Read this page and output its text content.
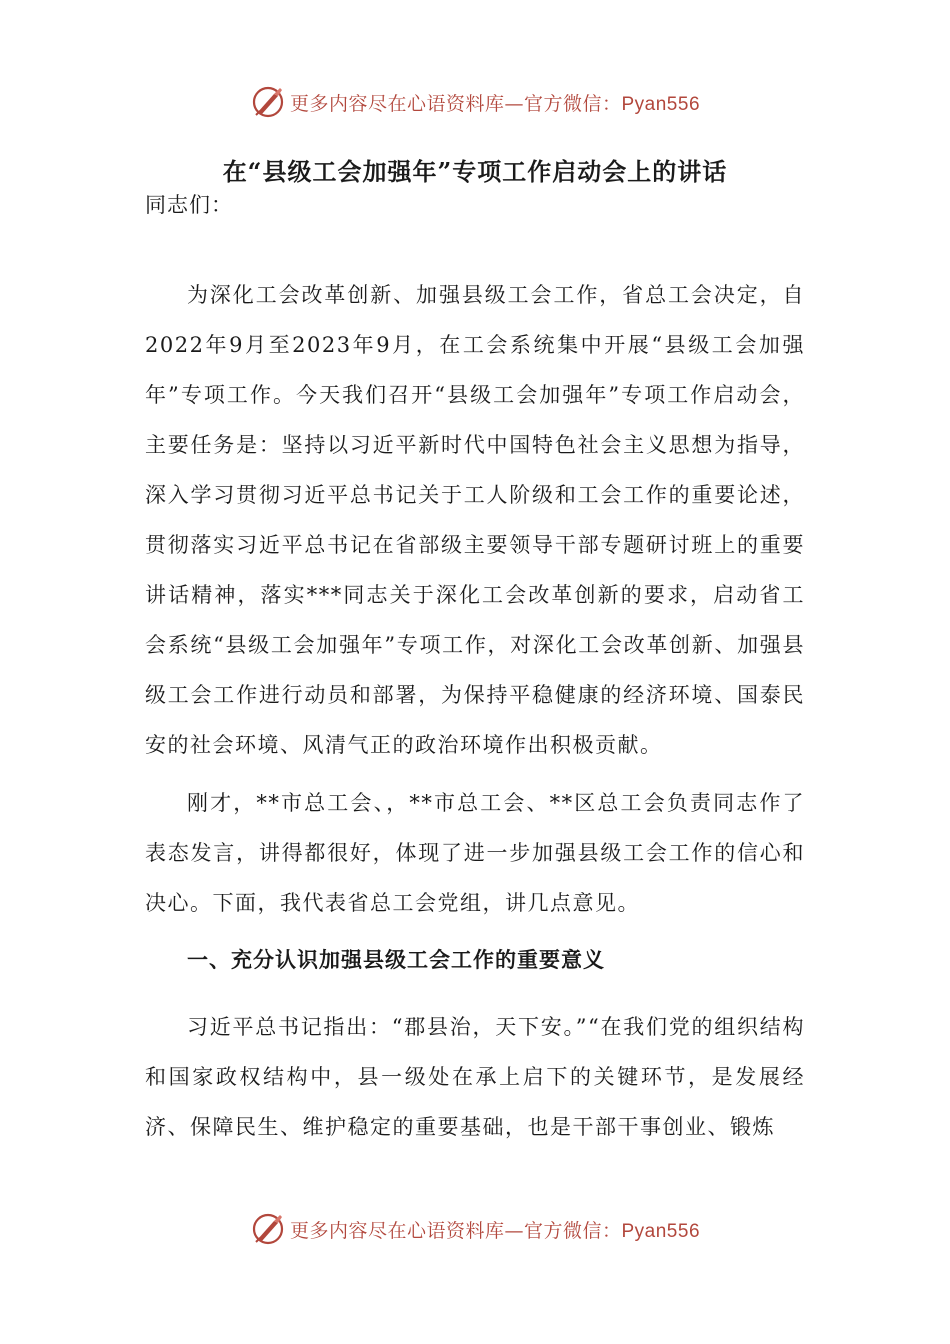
更多内容尽在心语资料库—官方微信：Pyan556
在“县级工会加强年”专项工作启动会上的讲话

同志们：

为深化工会改革创新、加强县级工会工作，省总工会决定，自2022年9月至2023年9月，在工会系统集中开展“县级工会加强年”专项工作。今天我们召开“县级工会加强年”专项工作启动会，主要任务是：坚持以习近平新时代中国特色社会主义思想为指导，深入学习贯彻习近平总书记关于工人阶级和工会工作的重要论述，贯彻落实习近平总书记在省部级主要领导干部专题研讨班上的重要讲话精神，落实***同志关于深化工会改革创新的要求，启动省工会系统“县级工会加强年”专项工作，对深化工会改革创新、加强县级工会工作进行动员和部署，为保持平稳健康的经济环境、国泰民安的社会环境、风清气正的政治环境作出积极贡献。

刚才，**市总工会、，**市总工会、**区总工会负责同志作了表态发言，讲得都很好，体现了进一步加强县级工会工作的信心和决心。下面，我代表省总工会党组，讲几点意见。

一、充分认识加强县级工会工作的重要意义

习近平总书记指出：“郡县治，天下安。”“在我们党的组织结构和国家政权结构中，县一级处在承上启下的关键环节，是发展经济、保障民生、维护稳定的重要基础，也是干部干事创业、锻炼

更多内容尽在心语资料库—官方微信：Pyan556
